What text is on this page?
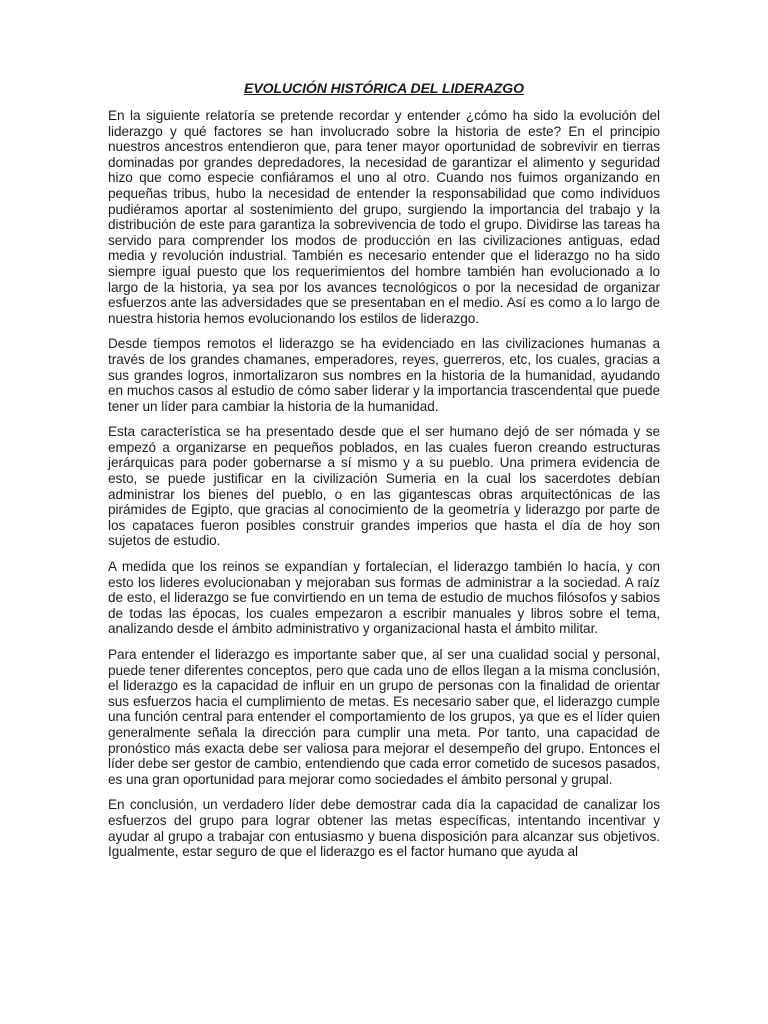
EVOLUCIÓN HISTÓRICA DEL LIDERAZGO

En la siguiente relatoría se pretende recordar y entender ¿cómo ha sido la evolución del liderazgo y qué factores se han involucrado sobre la historia de este? En el principio nuestros ancestros entendieron que, para tener mayor oportunidad de sobrevivir en tierras dominadas por grandes depredadores, la necesidad de garantizar el alimento y seguridad hizo que como especie confiáramos el uno al otro. Cuando nos fuimos organizando en pequeñas tribus, hubo la necesidad de entender la responsabilidad que como individuos pudiéramos aportar al sostenimiento del grupo, surgiendo la importancia del trabajo y la distribución de este para garantiza la sobrevivencia de todo el grupo. Dividirse las tareas ha servido para comprender los modos de producción en las civilizaciones antiguas, edad media y revolución industrial. También es necesario entender que el liderazgo no ha sido siempre igual puesto que los requerimientos del hombre también han evolucionado a lo largo de la historia, ya sea por los avances tecnológicos o por la necesidad de organizar esfuerzos ante las adversidades que se presentaban en el medio. Así es como a lo largo de nuestra historia hemos evolucionando los estilos de liderazgo.

Desde tiempos remotos el liderazgo se ha evidenciado en las civilizaciones humanas a través de los grandes chamanes, emperadores, reyes, guerreros, etc, los cuales, gracias a sus grandes logros, inmortalizaron sus nombres en la historia de la humanidad, ayudando en muchos casos al estudio de cómo saber liderar y la importancia trascendental que puede tener un líder para cambiar la historia de la humanidad.

Esta característica se ha presentado desde que el ser humano dejó de ser nómada y se empezó a organizarse en pequeños poblados, en las cuales fueron creando estructuras jerárquicas para poder gobernarse a sí mismo y a su pueblo. Una primera evidencia de esto, se puede justificar en la civilización Sumeria en la cual los sacerdotes debían administrar los bienes del pueblo, o en las gigantescas obras arquitectónicas de las pirámides de Egipto, que gracias al conocimiento de la geometría y liderazgo por parte de los capataces fueron posibles construir grandes imperios que hasta el día de hoy son sujetos de estudio.

A medida que los reinos se expandían y fortalecían, el liderazgo también lo hacía, y con esto los lideres evolucionaban y mejoraban sus formas de administrar a la sociedad. A raíz de esto, el liderazgo se fue convirtiendo en un tema de estudio de muchos filósofos y sabios de todas las épocas, los cuales empezaron a escribir manuales y libros sobre el tema, analizando desde el ámbito administrativo y organizacional hasta el ámbito militar.

Para entender el liderazgo es importante saber que, al ser una cualidad social y personal, puede tener diferentes conceptos, pero que cada uno de ellos llegan a la misma conclusión, el liderazgo es la capacidad de influir en un grupo de personas con la finalidad de orientar sus esfuerzos hacia el cumplimiento de metas. Es necesario saber que, el liderazgo cumple una función central para entender el comportamiento de los grupos, ya que es el líder quien generalmente señala la dirección para cumplir una meta. Por tanto, una capacidad de pronóstico más exacta debe ser valiosa para mejorar el desempeño del grupo. Entonces el líder debe ser gestor de cambio, entendiendo que cada error cometido de sucesos pasados, es una gran oportunidad para mejorar como sociedades el ámbito personal y grupal.

En conclusión, un verdadero líder debe demostrar cada día la capacidad de canalizar los esfuerzos del grupo para lograr obtener las metas específicas, intentando incentivar y ayudar al grupo a trabajar con entusiasmo y buena disposición para alcanzar sus objetivos. Igualmente, estar seguro de que el liderazgo es el factor humano que ayuda al
